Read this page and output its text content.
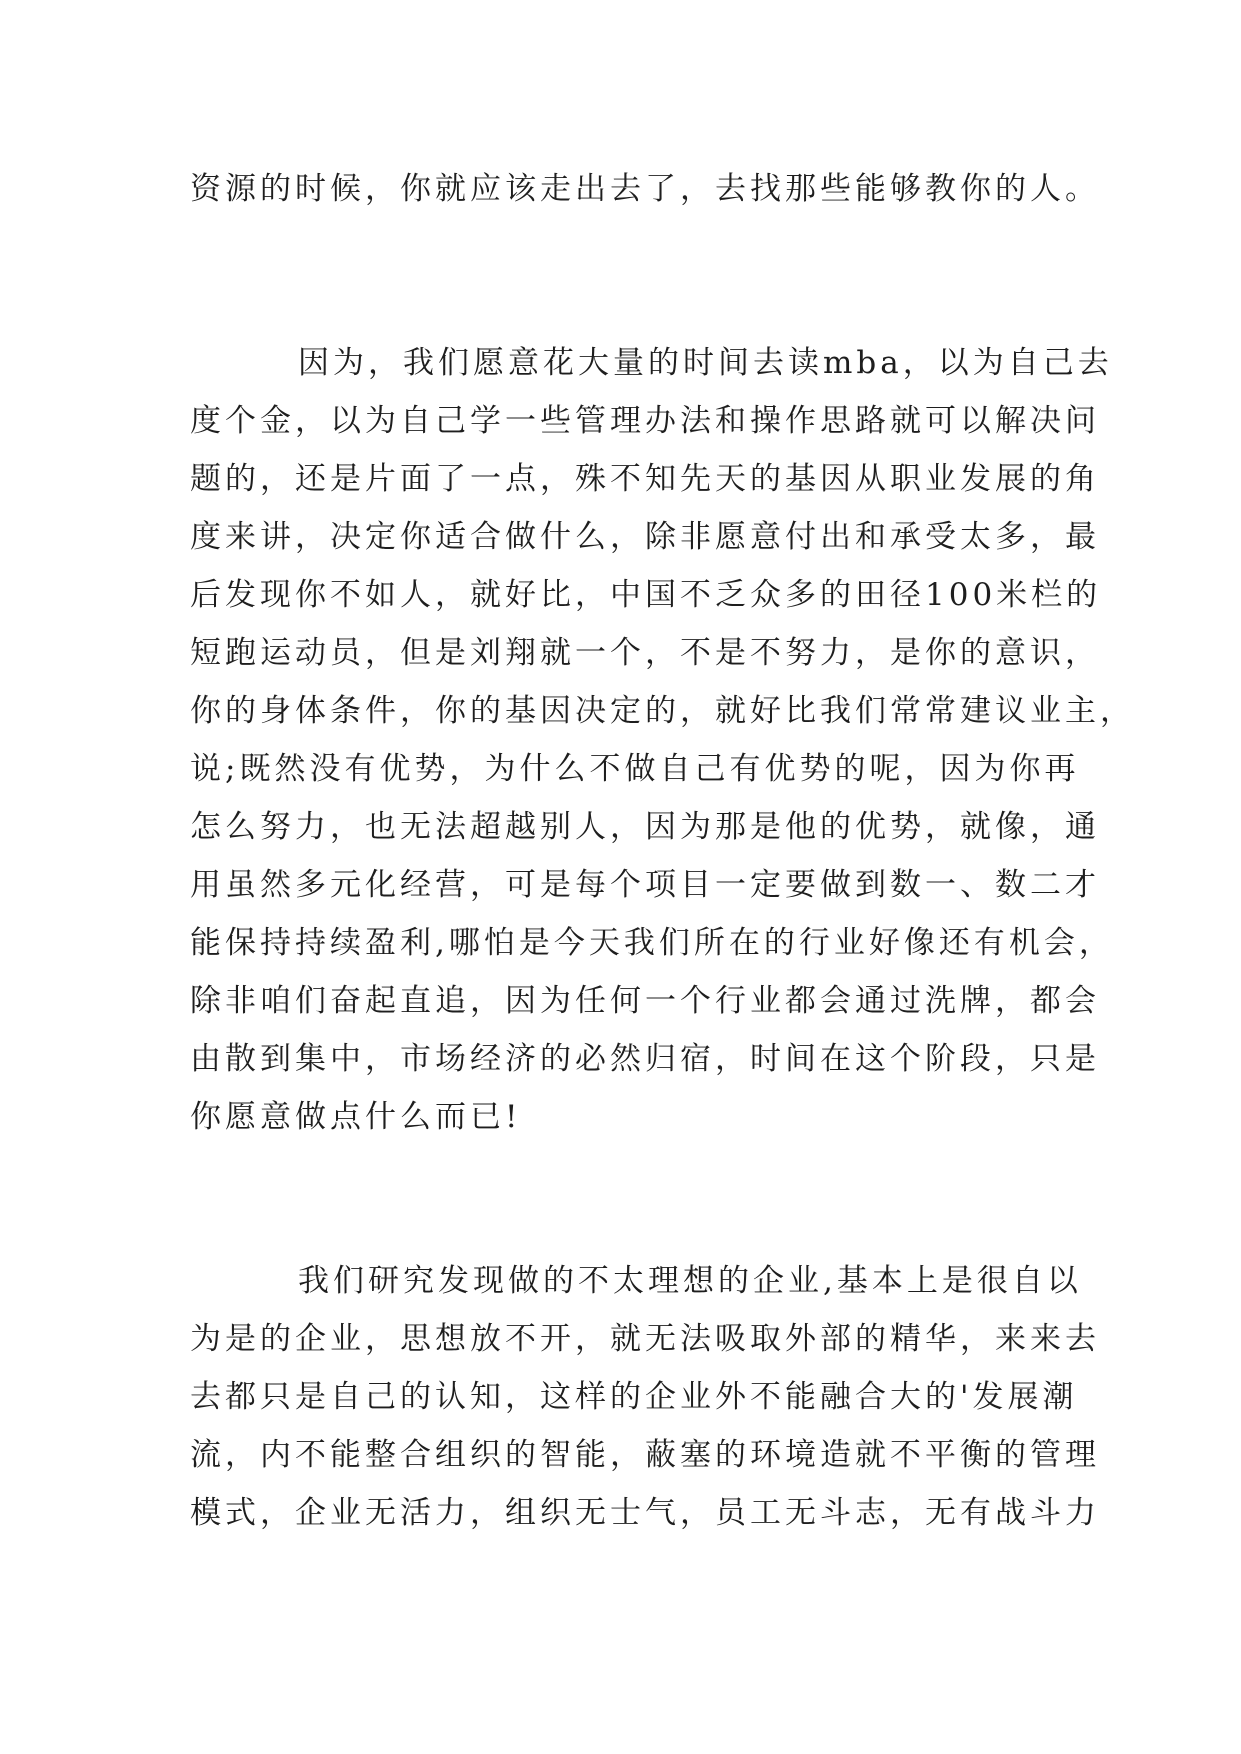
资源的时候，你就应该走出去了，去找那些能够教你的人。
因为，我们愿意花大量的时间去读mba，以为自己去
度个金，以为自己学一些管理办法和操作思路就可以解决问
题的，还是片面了一点，殊不知先天的基因从职业发展的角
度来讲，决定你适合做什么，除非愿意付出和承受太多，最
后发现你不如人，就好比，中国不乏众多的田径100米栏的
短跑运动员，但是刘翔就一个，不是不努力，是你的意识，
你的身体条件，你的基因决定的，就好比我们常常建议业主，
说;既然没有优势，为什么不做自己有优势的呢，因为你再
怎么努力，也无法超越别人，因为那是他的优势，就像，通
用虽然多元化经营，可是每个项目一定要做到数一、数二才
能保持持续盈利,哪怕是今天我们所在的行业好像还有机会，
除非咱们奋起直追，因为任何一个行业都会通过洗牌，都会
由散到集中，市场经济的必然归宿，时间在这个阶段，只是
你愿意做点什么而已!
我们研究发现做的不太理想的企业,基本上是很自以
为是的企业，思想放不开，就无法吸取外部的精华，来来去
去都只是自己的认知，这样的企业外不能融合大的'发展潮
流，内不能整合组织的智能，蔽塞的环境造就不平衡的管理
模式，企业无活力，组织无士气，员工无斗志，无有战斗力
